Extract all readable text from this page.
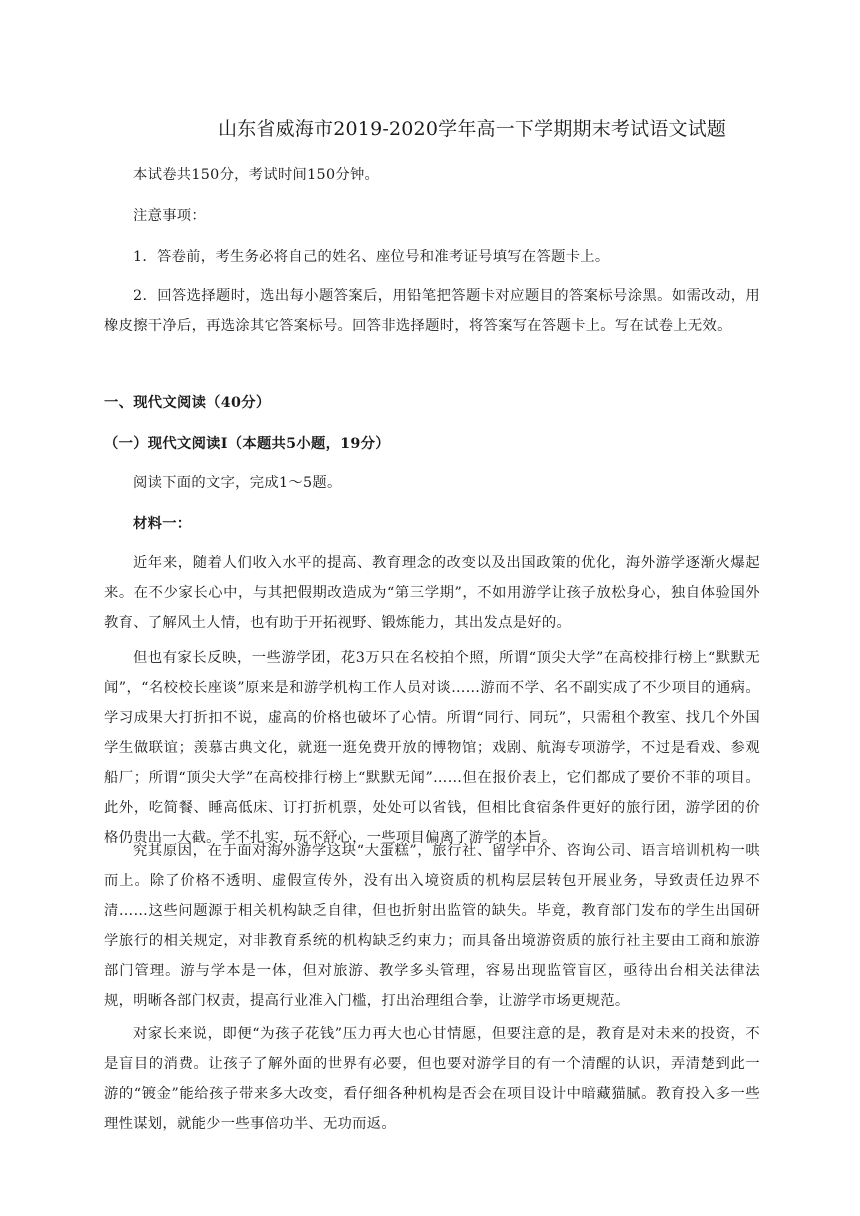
山东省威海市2019-2020学年高一下学期期末考试语文试题
本试卷共150分，考试时间150分钟。
注意事项：
1．答卷前，考生务必将自己的姓名、座位号和准考证号填写在答题卡上。
2．回答选择题时，选出每小题答案后，用铅笔把答题卡对应题目的答案标号涂黑。如需改动，用橡皮擦干净后，再选涂其它答案标号。回答非选择题时，将答案写在答题卡上。写在试卷上无效。
一、现代文阅读（40分）
（一）现代文阅读Ⅰ（本题共5小题，19分）
阅读下面的文字，完成1～5题。
材料一：
近年来，随着人们收入水平的提高、教育理念的改变以及出国政策的优化，海外游学逐渐火爆起来。在不少家长心中，与其把假期改造成为“第三学期”，不如用游学让孩子放松身心，独自体验国外教育、了解风土人情，也有助于开拓视野、锻炼能力，其出发点是好的。
但也有家长反映，一些游学团，花3万只在名校拍个照，所谓“顶尖大学”在高校排行榜上“默默无闻”，“名校校长座谈”原来是和游学机构工作人员对谈……游而不学、名不副实成了不少项目的通病。学习成果大打折扣不说，虚高的价格也破坏了心情。所谓“同行、同玩”，只需租个教室、找几个外国学生做联谊；羡慕古典文化，就逛一逛免费开放的博物馆；戏剧、航海专项游学，不过是看戏、参观船厂；所谓“顶尖大学”在高校排行榜上“默默无闻”……但在报价表上，它们都成了要价不菲的项目。此外，吃简餐、睡高低床、订打折机票，处处可以省钱，但相比食宿条件更好的旅行团，游学团的价格仍贵出一大截。学不扎实，玩不舒心，一些项目偏离了游学的本旨。
究其原因，在于面对海外游学这块“大蛋糕”，旅行社、留学中介、咨询公司、语言培训机构一哄而上。除了价格不透明、虚假宣传外，没有出入境资质的机构层层转包开展业务，导致责任边界不清……这些问题源于相关机构缺乏自律，但也折射出监管的缺失。毕竟，教育部门发布的学生出国研学旅行的相关规定，对非教育系统的机构缺乏约束力；而具备出境游资质的旅行社主要由工商和旅游部门管理。游与学本是一体，但对旅游、教学多头管理，容易出现监管盲区，亟待出台相关法律法规，明晰各部门权责，提高行业准入门槛，打出治理组合拳，让游学市场更规范。
对家长来说，即便“为孩子花钱”压力再大也心甘情愿，但要注意的是，教育是对未来的投资，不是盲目的消费。让孩子了解外面的世界有必要，但也要对游学目的有一个清醒的认识，弄清楚到此一游的“镀金”能给孩子带来多大改变，看仔细各种机构是否会在项目设计中暗藏猫腻。教育投入多一些理性谋划，就能少一些事倍功半、无功而返。
